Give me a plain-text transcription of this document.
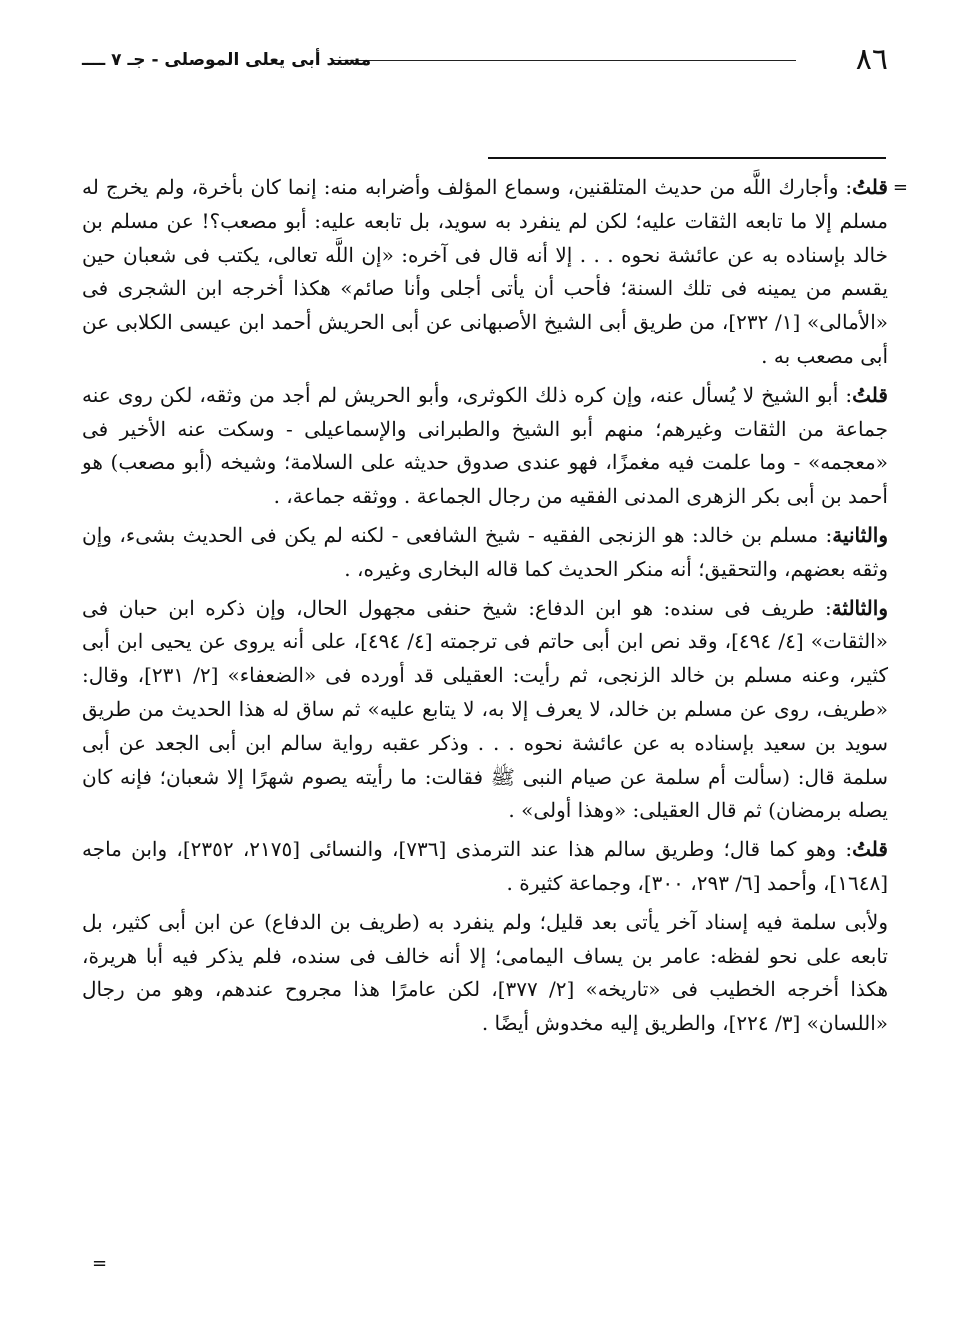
٨٦
مسند أبى يعلى الموصلى - جـ ٧ ــــ
=

قلتُ: وأجارك اللَّه من حديث المتلقنين، وسماع المؤلف وأضرابه منه: إنما كان بأخرة، ولم يخرج له مسلم إلا ما تابعه الثقات عليه؛ لكن لم ينفرد به سويد، بل تابعه عليه: أبو مصعب؟! عن مسلم بن خالد بإسناده به عن عائشة نحوه . . . إلا أنه قال فى آخره: «إن اللَّه تعالى، يكتب فى شعبان حين يقسم من يمينه فى تلك السنة؛ فأحب أن يأتى أجلى وأنا صائم» هكذا أخرجه ابن الشجرى فى «الأمالى» [١/ ٢٣٢]، من طريق أبى الشيخ الأصبهانى عن أبى الحريش أحمد ابن عيسى الكلابى عن أبى مصعب به .

قلتُ: أبو الشيخ لا يُسأل عنه، وإن كره ذلك الكوثرى، وأبو الحريش لم أجد من وثقه، لكن روى عنه جماعة من الثقات وغيرهم؛ منهم أبو الشيخ والطبرانى والإسماعيلى - وسكت عنه الأخير فى «معجمه» - وما علمت فيه مغمزًا، فهو عندى صدوق حديثه على السلامة؛ وشيخه (أبو مصعب) هو أحمد بن أبى بكر الزهرى المدنى الفقيه من رجال الجماعة . ووثقه جماعة، .

والثانية: مسلم بن خالد: هو الزنجى الفقيه - شيخ الشافعى - لكنه لم يكن فى الحديث بشىء، وإن وثقه بعضهم، والتحقيق؛ أنه منكر الحديث كما قاله البخارى وغيره، .

والثالثة: طريف فى سنده: هو ابن الدفاع: شيخ حنفى مجهول الحال، وإن ذكره ابن حبان فى «الثقات» [٤/ ٤٩٤]، وقد نص ابن أبى حاتم فى ترجمته [٤/ ٤٩٤]، على أنه يروى عن يحيى ابن أبى كثير، وعنه مسلم بن خالد الزنجى، ثم رأيت: العقيلى قد أورده فى «الضعفاء» [٢/ ٢٣١]، وقال: «طريف، روى عن مسلم بن خالد، لا يعرف إلا به، لا يتابع عليه» ثم ساق له هذا الحديث من طريق سويد بن سعيد بإسناده به عن عائشة نحوه . . . وذكر عقبه رواية سالم ابن أبى الجعد عن أبى سلمة قال: (سألت أم سلمة عن صيام النبى ﷺ فقالت: ما رأيته يصوم شهرًا إلا شعبان؛ فإنه كان يصله برمضان) ثم قال العقيلى: «وهذا أولى» .

قلتُ: وهو كما قال؛ وطريق سالم هذا عند الترمذى [٧٣٦]، والنسائى [٢١٧٥، ٢٣٥٢]، وابن ماجه [١٦٤٨]، وأحمد [٦/ ٢٩٣، ٣٠٠]، وجماعة كثيرة .

ولأبى سلمة فيه إسناد آخر يأتى بعد قليل؛ ولم ينفرد به (طريف بن الدفاع) عن ابن أبى كثير، بل تابعه على نحو لفظه: عامر بن يساف اليمامى؛ إلا أنه خالف فى سنده، فلم يذكر فيه أبا هريرة، هكذا أخرجه الخطيب فى «تاريخه» [٢/ ٣٧٧]، لكن عامرًا هذا مجروح عندهم، وهو من رجال «اللسان» [٣/ ٢٢٤]، والطريق إليه مخدوش أيضًا .

=
